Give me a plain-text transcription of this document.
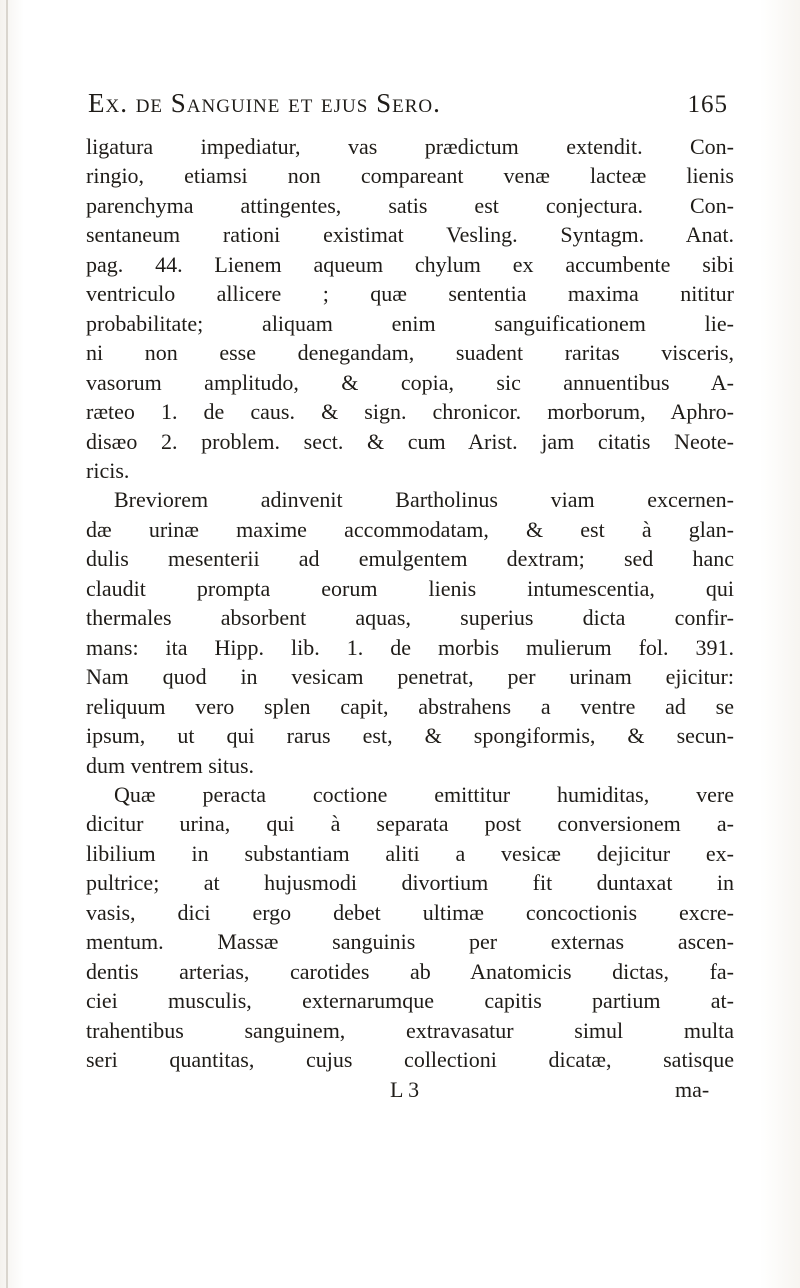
Ex. de Sanguine et ejus Sero.	165
ligatura impediatur, vas prædictum extendit. Con-
ringio, etiamsi non compareant venæ lacteæ lienis
parenchyma attingentes, satis est conjectura. Con-
sentaneum rationi existimat Vesling. Syntagm. Anat.
pag. 44. Lienem aqueum chylum ex accumbente sibi
ventriculo allicere ; quæ sententia maxima nititur
probabilitate; aliquam enim sanguificationem lie-
ni non esse denegandam, suadent raritas visceris,
vasorum amplitudo, & copia, sic annuentibus A-
ræteo 1. de caus. & sign. chronicor. morborum, Aphro-
disæo 2. problem. sect. & cum Arist. jam citatis Neote-
ricis.
Breviorem adinvenit Bartholinus viam excernen-
dæ urinæ maxime accommodatam, & est à glan-
dulis mesenterii ad emulgentem dextram; sed hanc
claudit prompta eorum lienis intumescentia, qui
thermales absorbent aquas, superius dicta confir-
mans: ita Hipp. lib. 1. de morbis mulierum fol. 391.
Nam quod in vesicam penetrat, per urinam ejicitur:
reliquum vero splen capit, abstrahens a ventre ad se
ipsum, ut qui rarus est, & spongiformis, & secun-
dum ventrem situs.
Quæ peracta coctione emittitur humiditas, vere
dicitur urina, qui à separata post conversionem a-
libilium in substantiam aliti a vesicæ dejicitur ex-
pultrice; at hujusmodi divortium fit duntaxat in
vasis, dici ergo debet ultimæ concoctionis excre-
mentum. Massæ sanguinis per externas ascen-
dentis arterias, carotides ab Anatomicis dictas, fa-
ciei musculis, externarumque capitis partium at-
trahentibus sanguinem, extravasatur simul multa
seri quantitas, cujus collectioni dicatæ, satisque
L 3	ma-
